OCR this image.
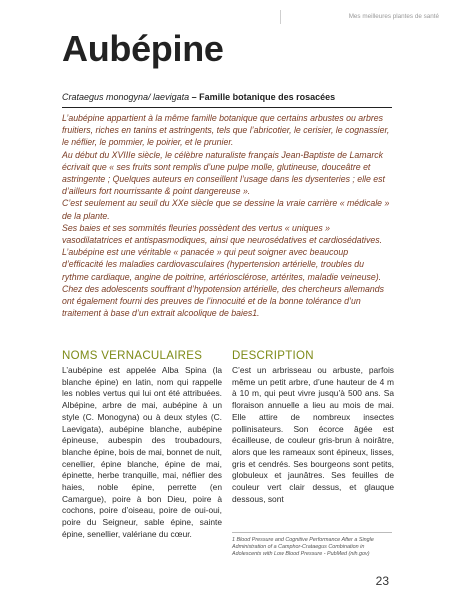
Mes meilleures plantes de santé
Aubépine
Crataegus monogyna/ laevigata – Famille botanique des rosacées

L’aubépine appartient à la même famille botanique que certains arbustes ou arbres fruitiers, riches en tanins et astringents, tels que l’abricotier, le cerisier, le cognassier, le néflier, le pommier, le poirier, et le prunier.

Au début du XVIIIe siècle, le célèbre naturaliste français Jean-Baptiste de Lamarck écrivait que « ses fruits sont remplis d’une pulpe molle, glutineuse, douceâtre et astringente ; Quelques auteurs en conseillent l’usage dans les dysenteries ; elle est d’ailleurs fort nourrissante & point dangereuse ».

C’est seulement au seuil du XXe siècle que se dessine la vraie carrière « médicale » de la plante.

Ses baies et ses sommités fleuries possèdent des vertus « uniques » vasodilatatrices et antispasmodiques, ainsi que neurosédatives et cardiosédatives. L’aubépine est une véritable « panacée » qui peut soigner avec beaucoup d’efficacité les maladies cardiovasculaires (hypertension artérielle, troubles du rythme cardiaque, angine de poitrine, artériosclérose, artérites, maladie veineuse).

Chez des adolescents souffrant d’hypotension artérielle, des chercheurs allemands ont également fourni des preuves de l’innocuité et de la bonne tolérance d’un traitement à base d’un extrait alcoolique de baies1.

NOMS VERNACULAIRES

L’aubépine est appelée Alba Spina (la blanche épine) en latin, nom qui rappelle les nobles vertus qui lui ont été attribuées. Albépine, arbre de mai, aubépine à un style (C. Monogyna) ou à deux styles (C. Laevigata), aubépine blanche, aubépine épineuse, aubespin des troubadours, blanche épine, bois de mai, bonnet de nuit, cenellier, épine blanche, épine de mai, épinette, herbe tranquille, mai, néflier des haies, noble épine, perrette (en Camargue), poire à bon Dieu, poire à cochons, poire d’oiseau, poire de oui-oui, poire du Seigneur, sable épine, sainte épine, senellier, valériane du cœur.

DESCRIPTION

C’est un arbrisseau ou arbuste, parfois même un petit arbre, d’une hauteur de 4 m à 10 m, qui peut vivre jusqu’à 500 ans. Sa floraison annuelle a lieu au mois de mai. Elle attire de nombreux insectes pollinisateurs. Son écorce âgée est écailleuse, de couleur gris-brun à noirâtre, alors que les rameaux sont épineux, lisses, gris et cendrés. Ses bourgeons sont petits, globuleux et jaunâtres. Ses feuilles de couleur vert clair dessus, et glauque dessous, sont

1 Blood Pressure and Cognitive Performance After a Single Administration of a Camphor-Crataegus Combination in Adolescents with Low Blood Pressure - PubMed (nih.gov)
23
